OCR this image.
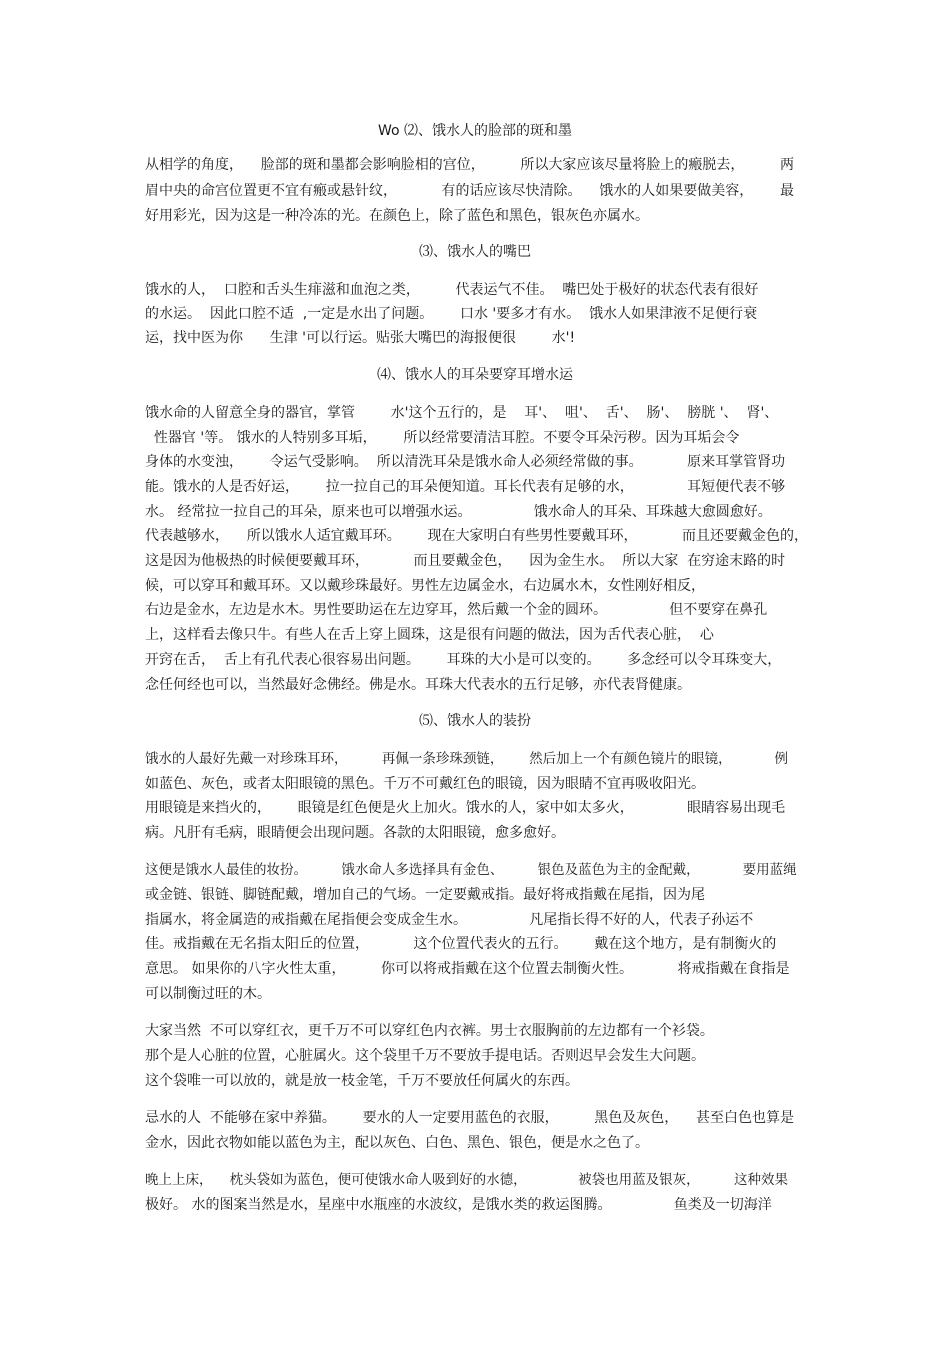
Wo ⑵、饿水人的脸部的斑和墨
从相学的角度，    脸部的斑和墨都会影响脸相的宫位，        所以大家应该尽量将脸上的瘢脱去，        两
眉中央的命宫位置更不宜有瘢或悬针纹，          有的话应该尽快清除。    饿水的人如果要做美容，      最
好用彩光，因为这是一种冷冻的光。在颜色上，除了蓝色和黑色，银灰色亦属水。
⑶、饿水人的嘴巴
饿水的人，  口腔和舌头生痱滋和血泡之类，        代表运气不佳。  嘴巴处于极好的状态代表有很好
的水运。  因此口腔不适  ,一定是水出了问题。      口水 '要多才有水。  饿水人如果津液不足便行衰
运，找中医为你      生津 '可以行运。贴张大嘴巴的海报便很        水'!
⑷、饿水人的耳朵要穿耳增水运
饿水命的人留意全身的器官，掌管        水'这个五行的，是    耳'、  咀'、  舌'、  肠'、  膀胱 '、  肾'、
性器官 '等。 饿水的人特别多耳垢，      所以经常要清洁耳腔。不要令耳朵污秽。因为耳垢会令
身体的水变浊，      令运气受影响。  所以清洗耳朵是饿水命人必须经常做的事。          原来耳掌管肾功
能。饿水的人是否好运，      拉一拉自己的耳朵便知道。耳长代表有足够的水，            耳短便代表不够
水。 经常拉一拉自己的耳朵，原来也可以增强水运。              饿水命人的耳朵、耳珠越大愈圆愈好。
代表越够水，    所以饿水人适宜戴耳环。      现在大家明白有些男性要戴耳环，          而且还要戴金色的，
这是因为他极热的时候便要戴耳环，          而且要戴金色，    因为金生水。  所以大家  在穷途末路的时
候，可以穿耳和戴耳环。又以戴珍珠最好。男性左边属金水，右边属水木，女性刚好相反，
右边是金水，左边是水木。男性要助运在左边穿耳，然后戴一个金的圆环。              但不要穿在鼻孔
上，这样看去像只牛。有些人在舌上穿上圆珠，这是很有问题的做法，因为舌代表心脏，  心
开窍在舌，  舌上有孔代表心很容易出问题。      耳珠的大小是可以变的。      多念经可以令耳珠变大，
念任何经也可以，当然最好念佛经。佛是水。耳珠大代表水的五行足够，亦代表肾健康。
⑸、饿水人的装扮
饿水的人最好先戴一对珍珠耳环，        再佩一条珍珠颈链，      然后加上一个有颜色镜片的眼镜，          例
如蓝色、灰色，或者太阳眼镜的黑色。千万不可戴红色的眼镜，因为眼睛不宜再吸收阳光。
用眼镜是来挡火的，      眼镜是红色便是火上加火。饿水的人，家中如太多火，            眼睛容易出现毛
病。凡肝有毛病，眼睛便会出现问题。各款的太阳眼镜，愈多愈好。
这便是饿水人最佳的妆扮。        饿水命人多选择具有金色、        银色及蓝色为主的金配戴，          要用蓝绳
或金链、银链、脚链配戴，增加自己的气场。一定要戴戒指。最好将戒指戴在尾指，因为尾
指属水，将金属造的戒指戴在尾指便会变成金生水。              凡尾指长得不好的人，代表子孙运不
佳。戒指戴在无名指太阳丘的位置，          这个位置代表火的五行。      戴在这个地方，是有制衡火的
意思。 如果你的八字火性太重，        你可以将戒指戴在这个位置去制衡火性。          将戒指戴在食指是
可以制衡过旺的木。
大家当然  不可以穿红衣，更千万不可以穿红色内衣裤。男士衣服胸前的左边都有一个衫袋。
那个是人心脏的位置，心脏属火。这个袋里千万不要放手提电话。否则迟早会发生大问题。
这个袋唯一可以放的，就是放一枝金笔，千万不要放任何属火的东西。
忌水的人  不能够在家中养猫。      要水的人一定要用蓝色的衣服，        黑色及灰色，    甚至白色也算是
金水，因此衣物如能以蓝色为主，配以灰色、白色、黑色、银色，便是水之色了。
晚上上床，    枕头袋如为蓝色，便可使饿水命人吸到好的水德，            被袋也用蓝及银灰，        这种效果
极好。 水的图案当然是水，星座中水瓶座的水波纹，是饿水类的救运图腾。              鱼类及一切海洋
